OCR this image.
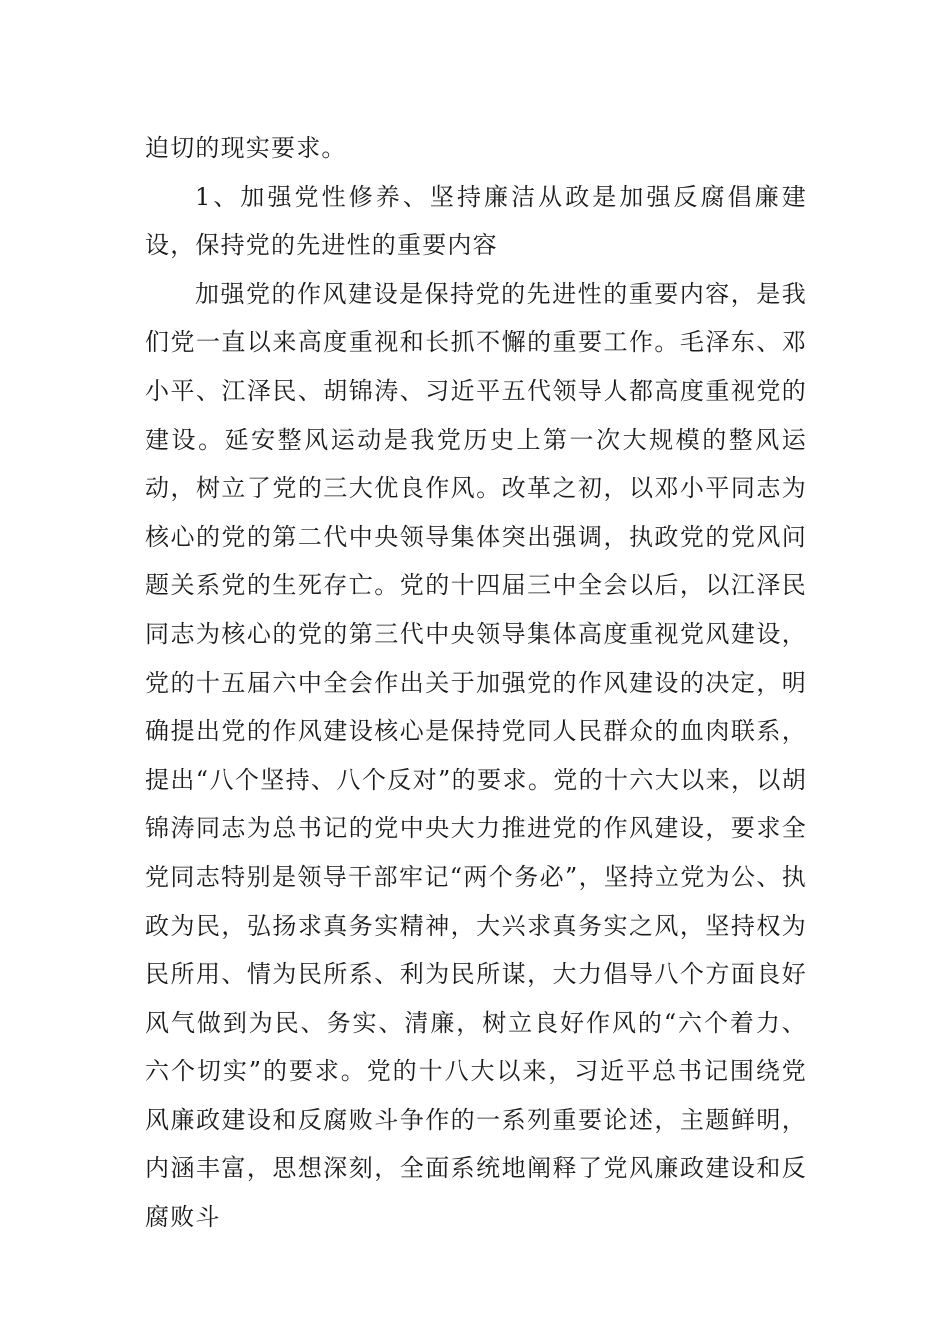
迫切的现实要求。

1、加强党性修养、坚持廉洁从政是加强反腐倡廉建设，保持党的先进性的重要内容

加强党的作风建设是保持党的先进性的重要内容，是我们党一直以来高度重视和长抓不懈的重要工作。毛泽东、邓小平、江泽民、胡锦涛、习近平五代领导人都高度重视党的建设。延安整风运动是我党历史上第一次大规模的整风运动，树立了党的三大优良作风。改革之初，以邓小平同志为核心的党的第二代中央领导集体突出强调，执政党的党风问题关系党的生死存亡。党的十四届三中全会以后，以江泽民同志为核心的党的第三代中央领导集体高度重视党风建设，党的十五届六中全会作出关于加强党的作风建设的决定，明确提出党的作风建设核心是保持党同人民群众的血肉联系，提出“八个坚持、八个反对”的要求。党的十六大以来，以胡锦涛同志为总书记的党中央大力推进党的作风建设，要求全党同志特别是领导干部牢记“两个务必”，坚持立党为公、执政为民，弘扬求真务实精神，大兴求真务实之风，坚持权为民所用、情为民所系、利为民所谋，大力倡导八个方面良好风气做到为民、务实、清廉，树立良好作风的“六个着力、六个切实”的要求。党的十八大以来，习近平总书记围绕党风廉政建设和反腐败斗争作的一系列重要论述，主题鲜明，内涵丰富，思想深刻，全面系统地阐释了党风廉政建设和反腐败斗
